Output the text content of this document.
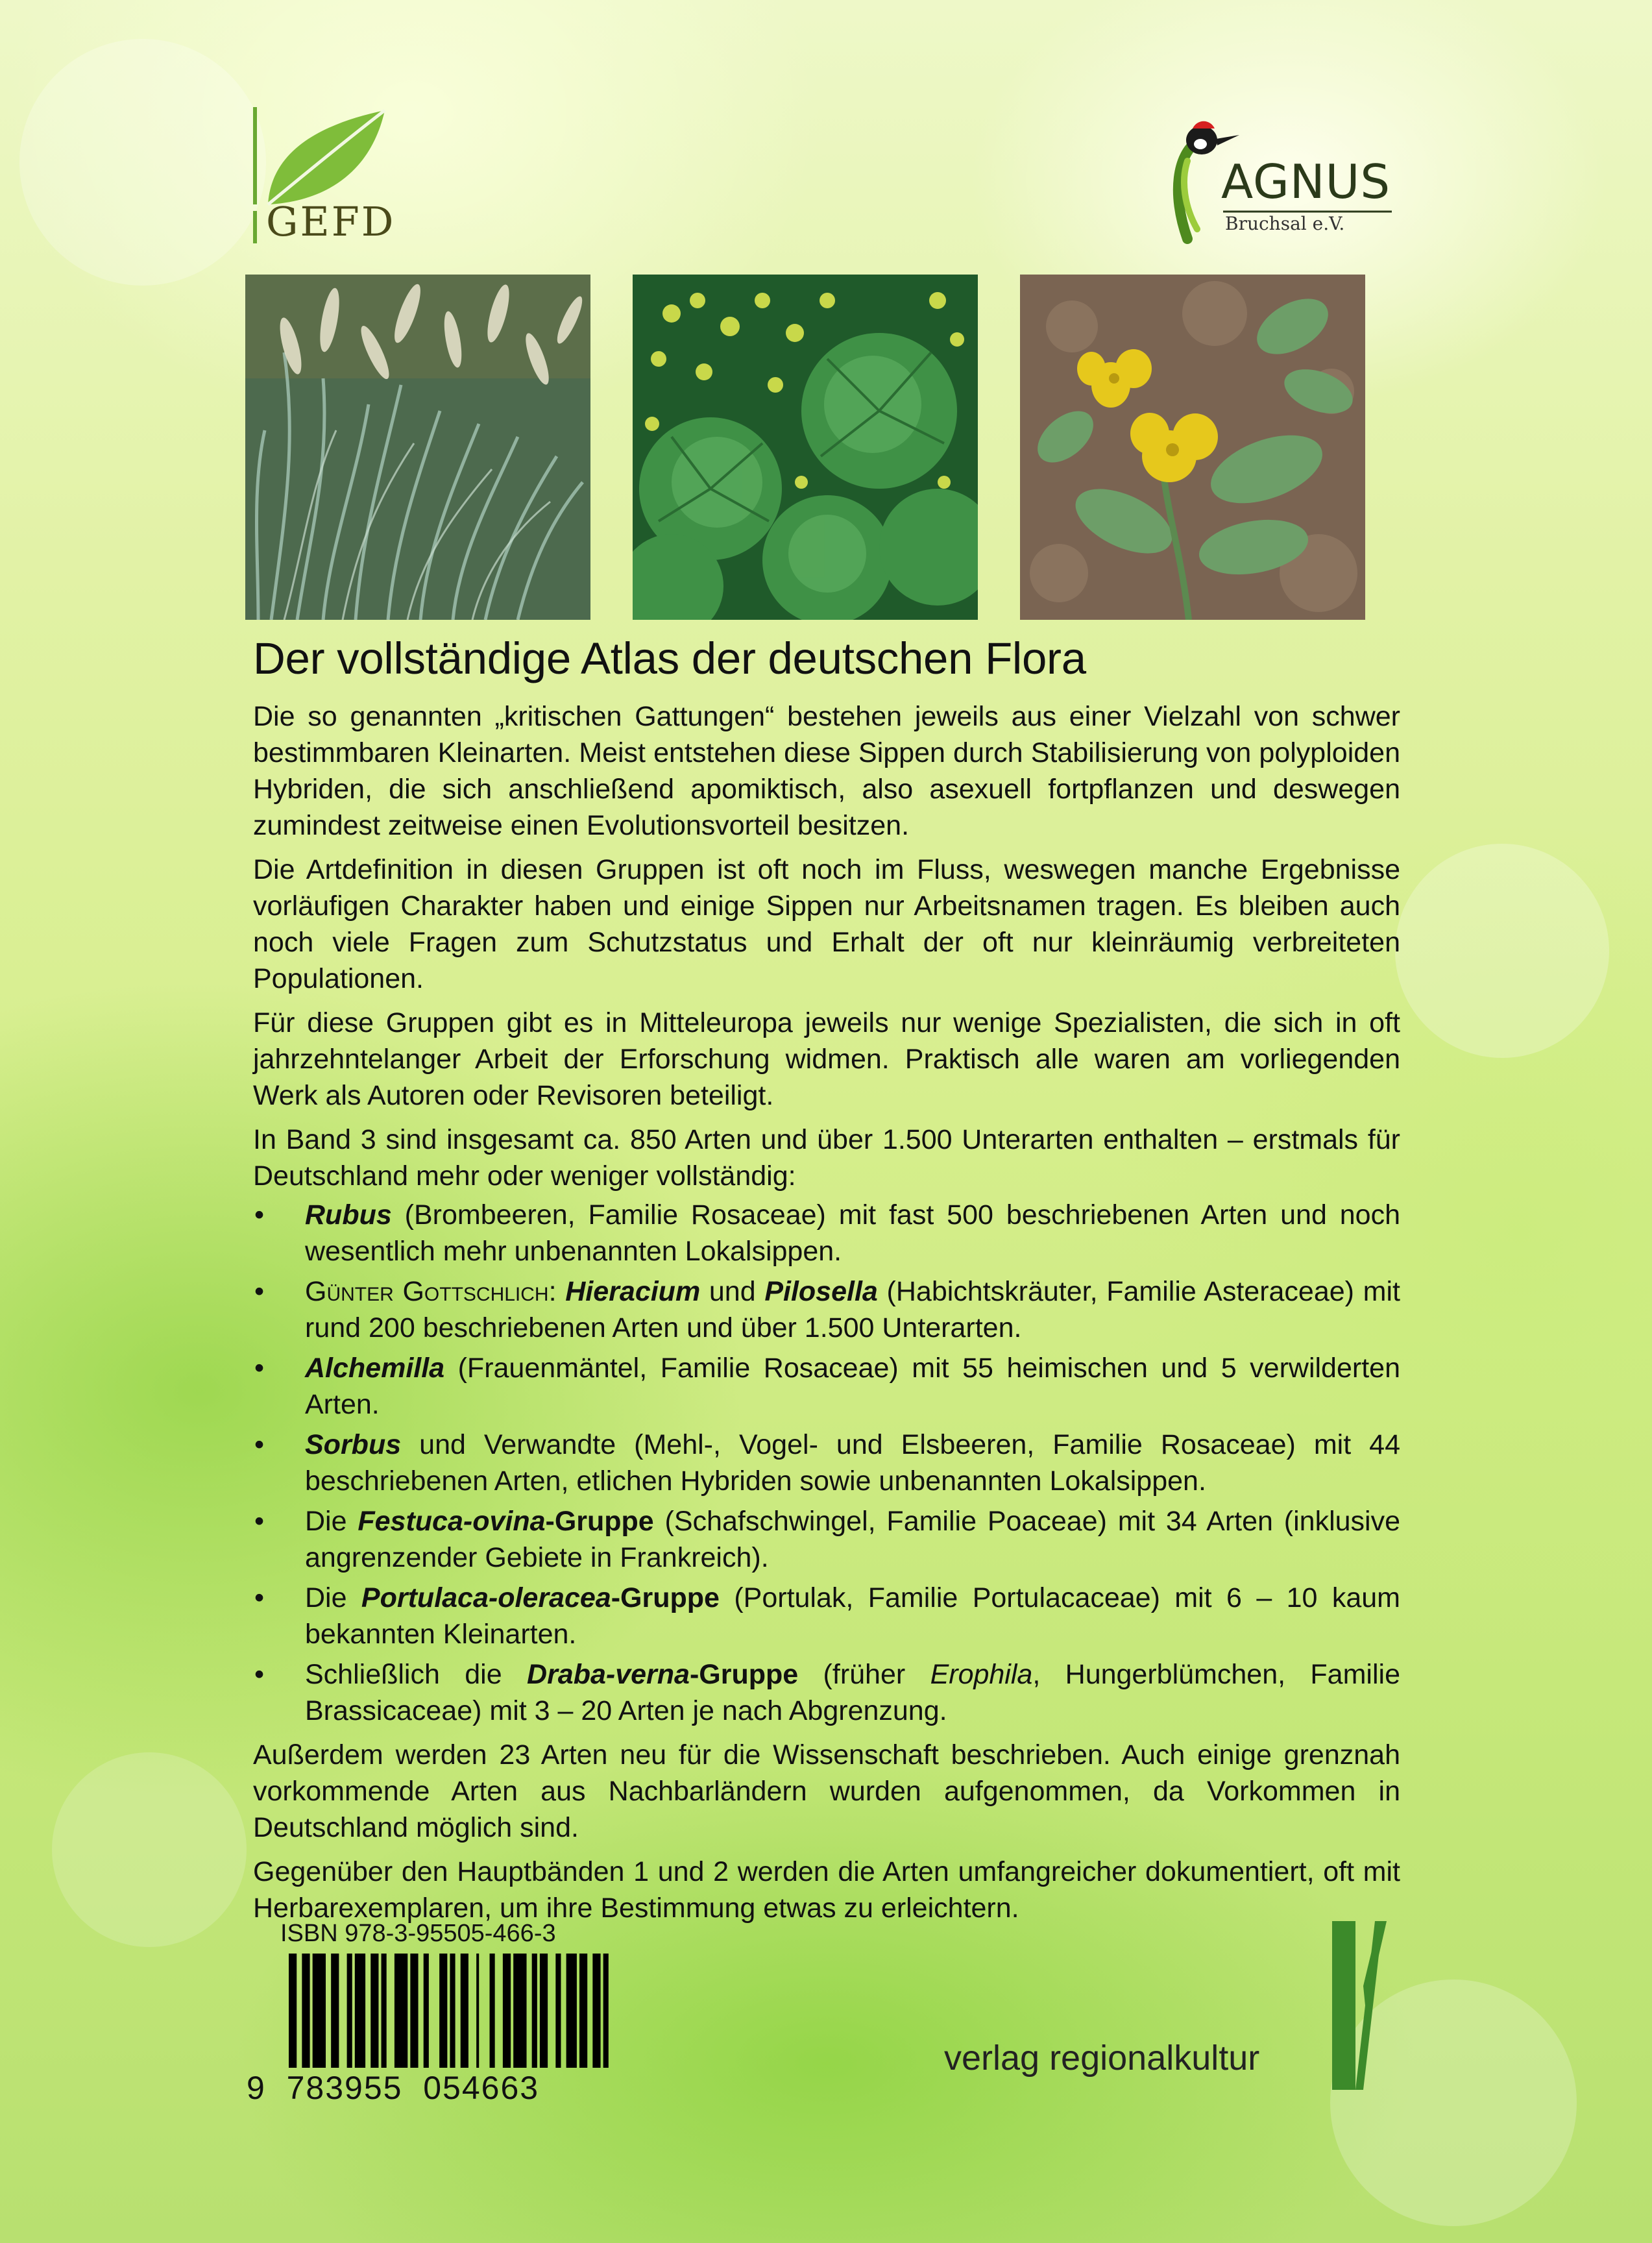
GEFD
AGNUS
Bruchsal e.V.
Der vollständige Atlas der deutschen Flora

Die so genannten „kritischen Gattungen“ bestehen jeweils aus einer Vielzahl von schwer bestimmbaren Kleinarten. Meist entstehen diese Sippen durch Stabilisierung von polyploiden Hybriden, die sich anschließend apomiktisch, also asexuell fortpflanzen und deswegen zumindest zeitweise einen Evolutionsvorteil besitzen.

Die Artdefinition in diesen Gruppen ist oft noch im Fluss, weswegen manche Ergebnisse vorläufigen Charakter haben und einige Sippen nur Arbeitsnamen tragen. Es bleiben auch noch viele Fragen zum Schutzstatus und Erhalt der oft nur kleinräumig verbreiteten Populationen.

Für diese Gruppen gibt es in Mitteleuropa jeweils nur wenige Spezialisten, die sich in oft jahrzehntelanger Arbeit der Erforschung widmen. Praktisch alle waren am vorliegenden Werk als Autoren oder Revisoren beteiligt.

In Band 3 sind insgesamt ca. 850 Arten und über 1.500 Unterarten enthalten – erstmals für Deutschland mehr oder weniger vollständig:

• Rubus (Brombeeren, Familie Rosaceae) mit fast 500 beschriebenen Arten und noch wesentlich mehr unbenannten Lokalsippen.
• Günter Gottschlich: Hieracium und Pilosella (Habichtskräuter, Familie Asteraceae) mit rund 200 beschriebenen Arten und über 1.500 Unterarten.
• Alchemilla (Frauenmäntel, Familie Rosaceae) mit 55 heimischen und 5 verwilderten Arten.
• Sorbus und Verwandte (Mehl-, Vogel- und Elsbeeren, Familie Rosaceae) mit 44 beschriebenen Arten, etlichen Hybriden sowie unbenannten Lokalsippen.
• Die Festuca-ovina-Gruppe (Schafschwingel, Familie Poaceae) mit 34 Arten (inklusive angrenzender Gebiete in Frankreich).
• Die Portulaca-oleracea-Gruppe (Portulak, Familie Portulacaceae) mit 6 – 10 kaum bekannten Kleinarten.
• Schließlich die Draba-verna-Gruppe (früher Erophila, Hungerblümchen, Familie Brassicaceae) mit 3 – 20 Arten je nach Abgrenzung.

Außerdem werden 23 Arten neu für die Wissenschaft beschrieben. Auch einige grenznah vorkommende Arten aus Nachbarländern wurden aufgenommen, da Vorkommen in Deutschland möglich sind.

Gegenüber den Hauptbänden 1 und 2 werden die Arten umfangreicher dokumentiert, oft mit Herbarexemplaren, um ihre Bestimmung etwas zu erleichtern.

ISBN 978-3-95505-466-3
9  783955  054663
verlag regionalkultur
